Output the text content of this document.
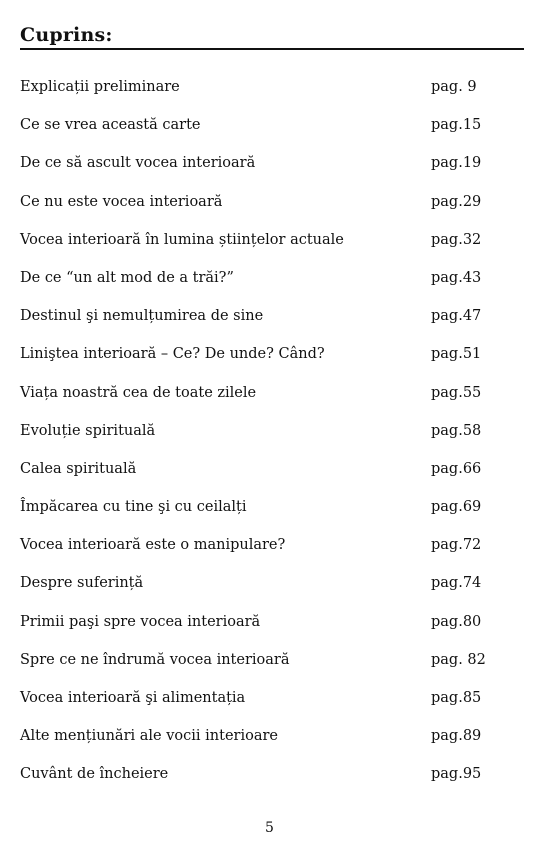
Cuprins:
Explicații preliminare	pag. 9
Ce se vrea această carte	pag.15
De ce să ascult vocea interioară	pag.19
Ce nu este vocea interioară	pag.29
Vocea interioară în lumina științelor actuale	pag.32
De ce “un alt mod de a trăi?”	pag.43
Destinul şi nemulțumirea de sine	pag.47
Liniştea interioară – Ce? De unde? Când?	pag.51
Viața noastră cea de toate zilele	pag.55
Evoluție spirituală	pag.58
Calea spirituală	pag.66
Împăcarea cu tine şi cu ceilalți	pag.69
Vocea interioară este o manipulare?	pag.72
Despre suferință	pag.74
Primii paşi spre vocea interioară	pag.80
Spre ce ne îndrumă vocea interioară	pag. 82
Vocea interioară şi alimentația	pag.85
Alte mențiunări ale vocii interioare	pag.89
Cuvânt de încheiere	pag.95
5
